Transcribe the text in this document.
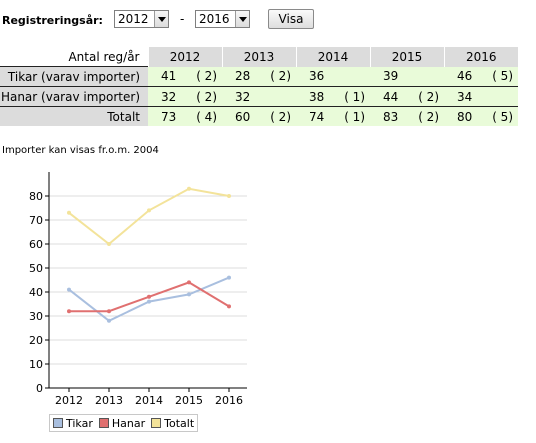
Registreringsår: 2012	- 2016	Visa
Antal reg/år	2012		2013		2014		2015		2016	
Tikar (varav importer)	41	( 2)	28	( 2)	36		39		46	( 5)
Hanar (varav importer)	32	( 2)	32		38	( 1)	44	( 2)	34	
Totalt	73	( 4)	60	( 2)	74	( 1)	83	( 2)	80	( 5)
Importer kan visas fr.o.m. 2004
0
10
20
30
40
50
60
70
80
2012 2013 2014 2015 2016
Tikar Hanar Totalt
